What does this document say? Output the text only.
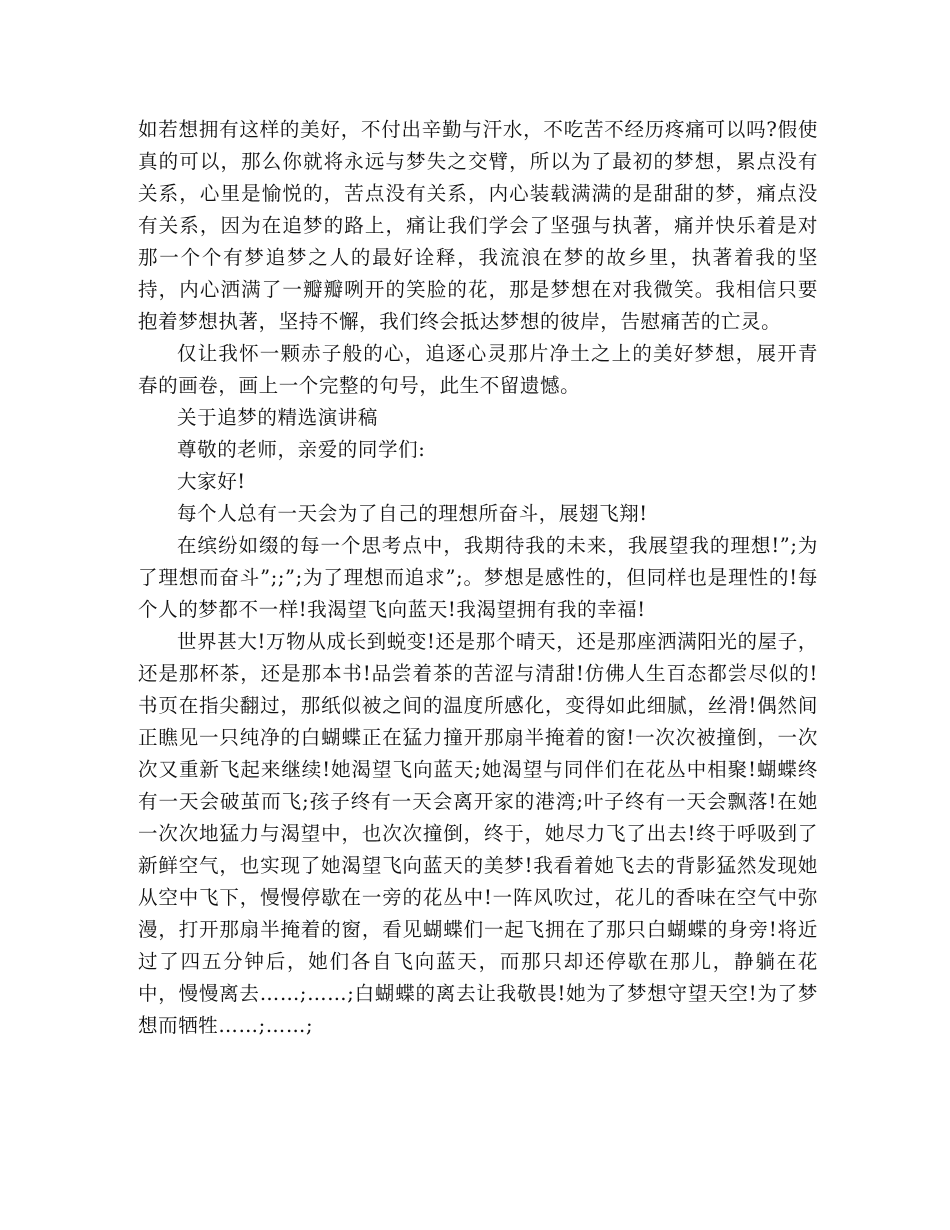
如若想拥有这样的美好，不付出辛勤与汗水，不吃苦不经历疼痛可以吗?假使真的可以，那么你就将永远与梦失之交臂，所以为了最初的梦想，累点没有关系，心里是愉悦的，苦点没有关系，内心装载满满的是甜甜的梦，痛点没有关系，因为在追梦的路上，痛让我们学会了坚强与执著，痛并快乐着是对那一个个有梦追梦之人的最好诠释，我流浪在梦的故乡里，执著着我的坚持，内心洒满了一瓣瓣咧开的笑脸的花，那是梦想在对我微笑。我相信只要抱着梦想执著，坚持不懈，我们终会抵达梦想的彼岸，告慰痛苦的亡灵。

仅让我怀一颗赤子般的心，追逐心灵那片净土之上的美好梦想，展开青春的画卷，画上一个完整的句号，此生不留遗憾。

关于追梦的精选演讲稿

尊敬的老师，亲爱的同学们:

大家好!

每个人总有一天会为了自己的理想所奋斗，展翅飞翔!

在缤纷如缀的每一个思考点中，我期待我的未来，我展望我的理想!”;为了理想而奋斗”;;”;为了理想而追求”;。梦想是感性的，但同样也是理性的!每个人的梦都不一样!我渴望飞向蓝天!我渴望拥有我的幸福!

世界甚大!万物从成长到蜕变!还是那个晴天，还是那座洒满阳光的屋子，还是那杯茶，还是那本书!品尝着茶的苦涩与清甜!仿佛人生百态都尝尽似的!书页在指尖翻过，那纸似被之间的温度所感化，变得如此细腻，丝滑!偶然间正瞧见一只纯净的白蝴蝶正在猛力撞开那扇半掩着的窗!一次次被撞倒，一次次又重新飞起来继续!她渴望飞向蓝天;她渴望与同伴们在花丛中相聚!蝴蝶终有一天会破茧而飞;孩子终有一天会离开家的港湾;叶子终有一天会飘落!在她一次次地猛力与渴望中，也次次撞倒，终于，她尽力飞了出去!终于呼吸到了新鲜空气，也实现了她渴望飞向蓝天的美梦!我看着她飞去的背影猛然发现她从空中飞下，慢慢停歇在一旁的花丛中!一阵风吹过，花儿的香味在空气中弥漫，打开那扇半掩着的窗，看见蝴蝶们一起飞拥在了那只白蝴蝶的身旁!将近过了四五分钟后，她们各自飞向蓝天，而那只却还停歇在那儿，静躺在花中，慢慢离去……;……;白蝴蝶的离去让我敬畏!她为了梦想守望天空!为了梦想而牺牲……;……;
